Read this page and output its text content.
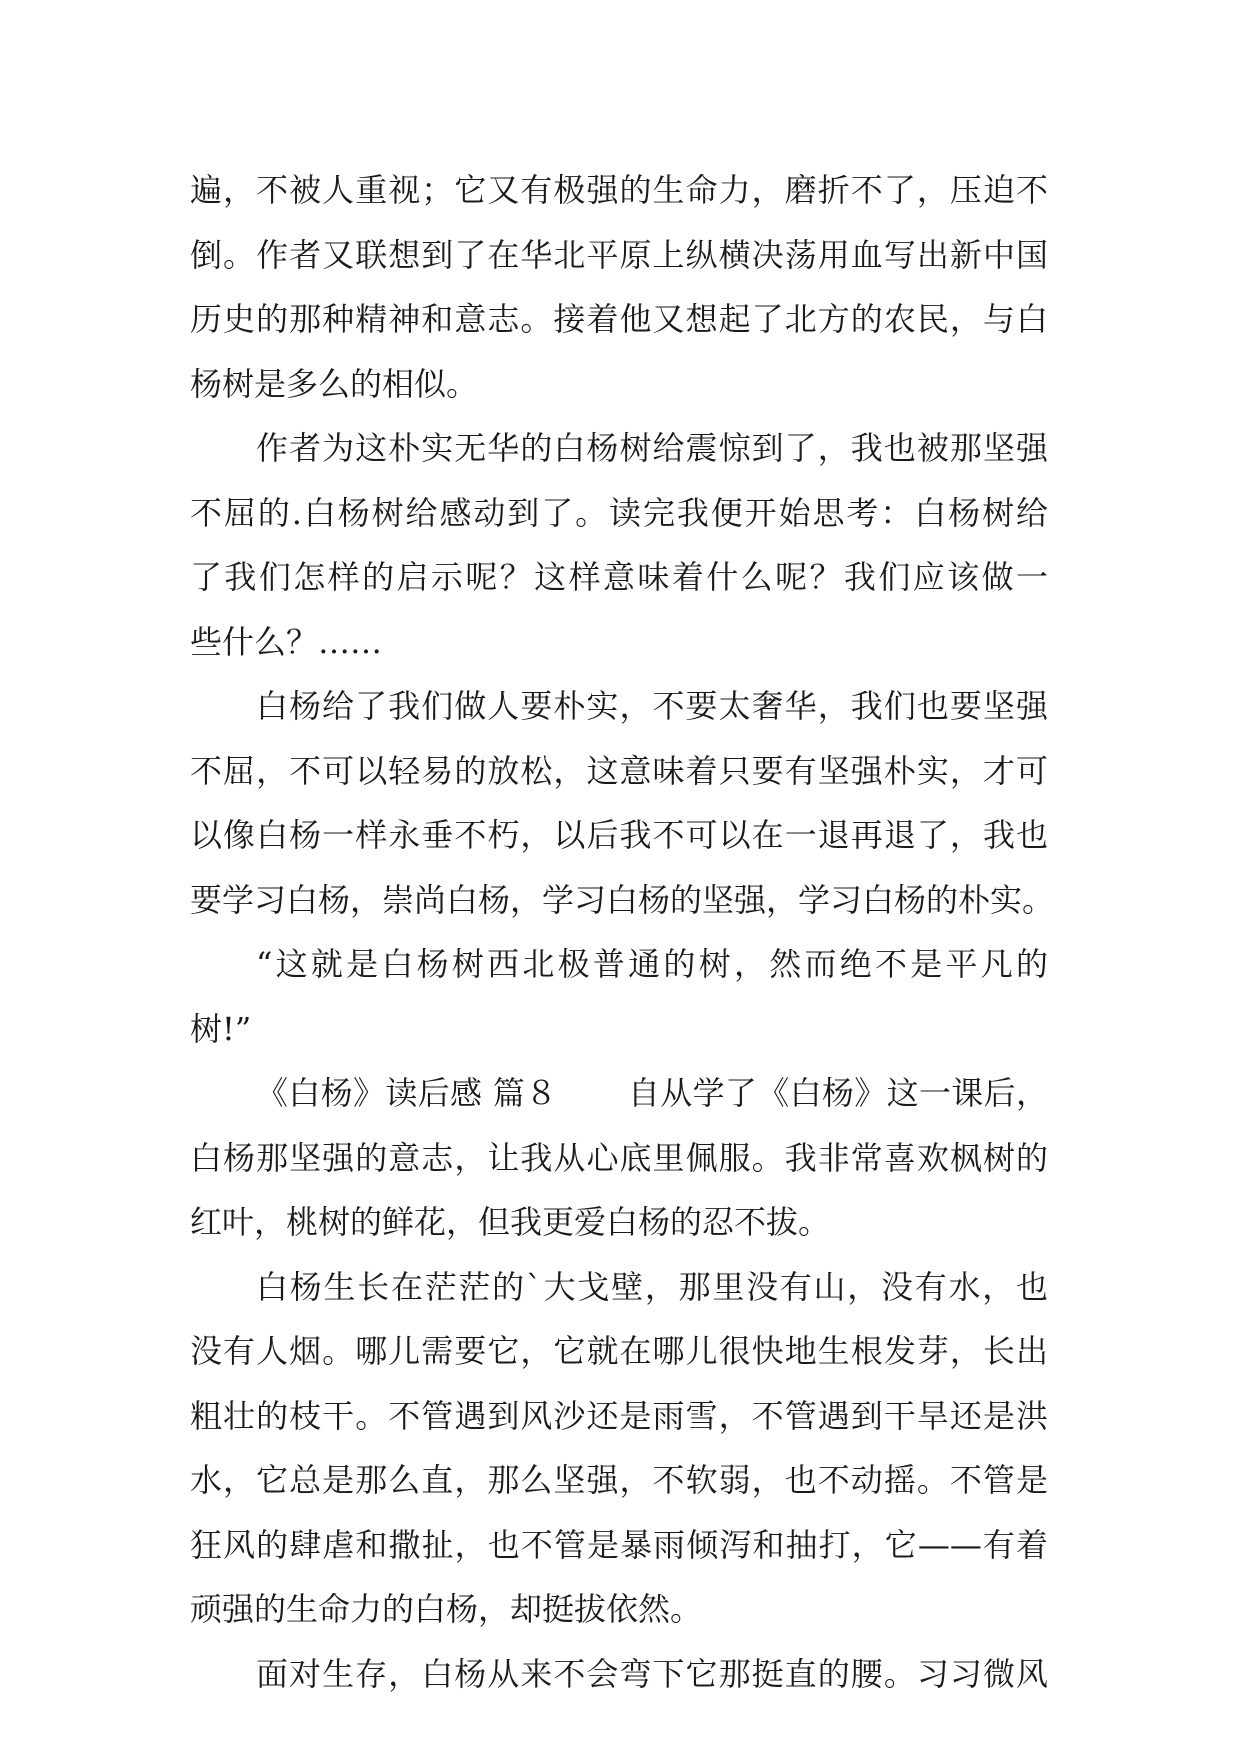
遍，不被人重视；它又有极强的生命力，磨折不了，压迫不
倒。作者又联想到了在华北平原上纵横决荡用血写出新中国
历史的那种精神和意志。接着他又想起了北方的农民，与白
杨树是多么的相似。
作者为这朴实无华的白杨树给震惊到了，我也被那坚强
不屈的.白杨树给感动到了。读完我便开始思考：白杨树给
了我们怎样的启示呢？这样意味着什么呢？我们应该做一
些什么？……
白杨给了我们做人要朴实，不要太奢华，我们也要坚强
不屈，不可以轻易的放松，这意味着只要有坚强朴实，才可
以像白杨一样永垂不朽，以后我不可以在一退再退了，我也
要学习白杨，崇尚白杨，学习白杨的坚强，学习白杨的朴实。
“这就是白杨树西北极普通的树，然而绝不是平凡的
树!”
《白杨》读后感 篇８ 自从学了《白杨》这一课后，
白杨那坚强的意志，让我从心底里佩服。我非常喜欢枫树的
红叶，桃树的鲜花，但我更爱白杨的忍不拔。
白杨生长在茫茫的`大戈壁，那里没有山，没有水，也
没有人烟。哪儿需要它，它就在哪儿很快地生根发芽，长出
粗壮的枝干。不管遇到风沙还是雨雪，不管遇到干旱还是洪
水，它总是那么直，那么坚强，不软弱，也不动摇。不管是
狂风的肆虐和撒扯，也不管是暴雨倾泻和抽打，它——有着
顽强的生命力的白杨，却挺拔依然。
面对生存，白杨从来不会弯下它那挺直的腰。习习微风
